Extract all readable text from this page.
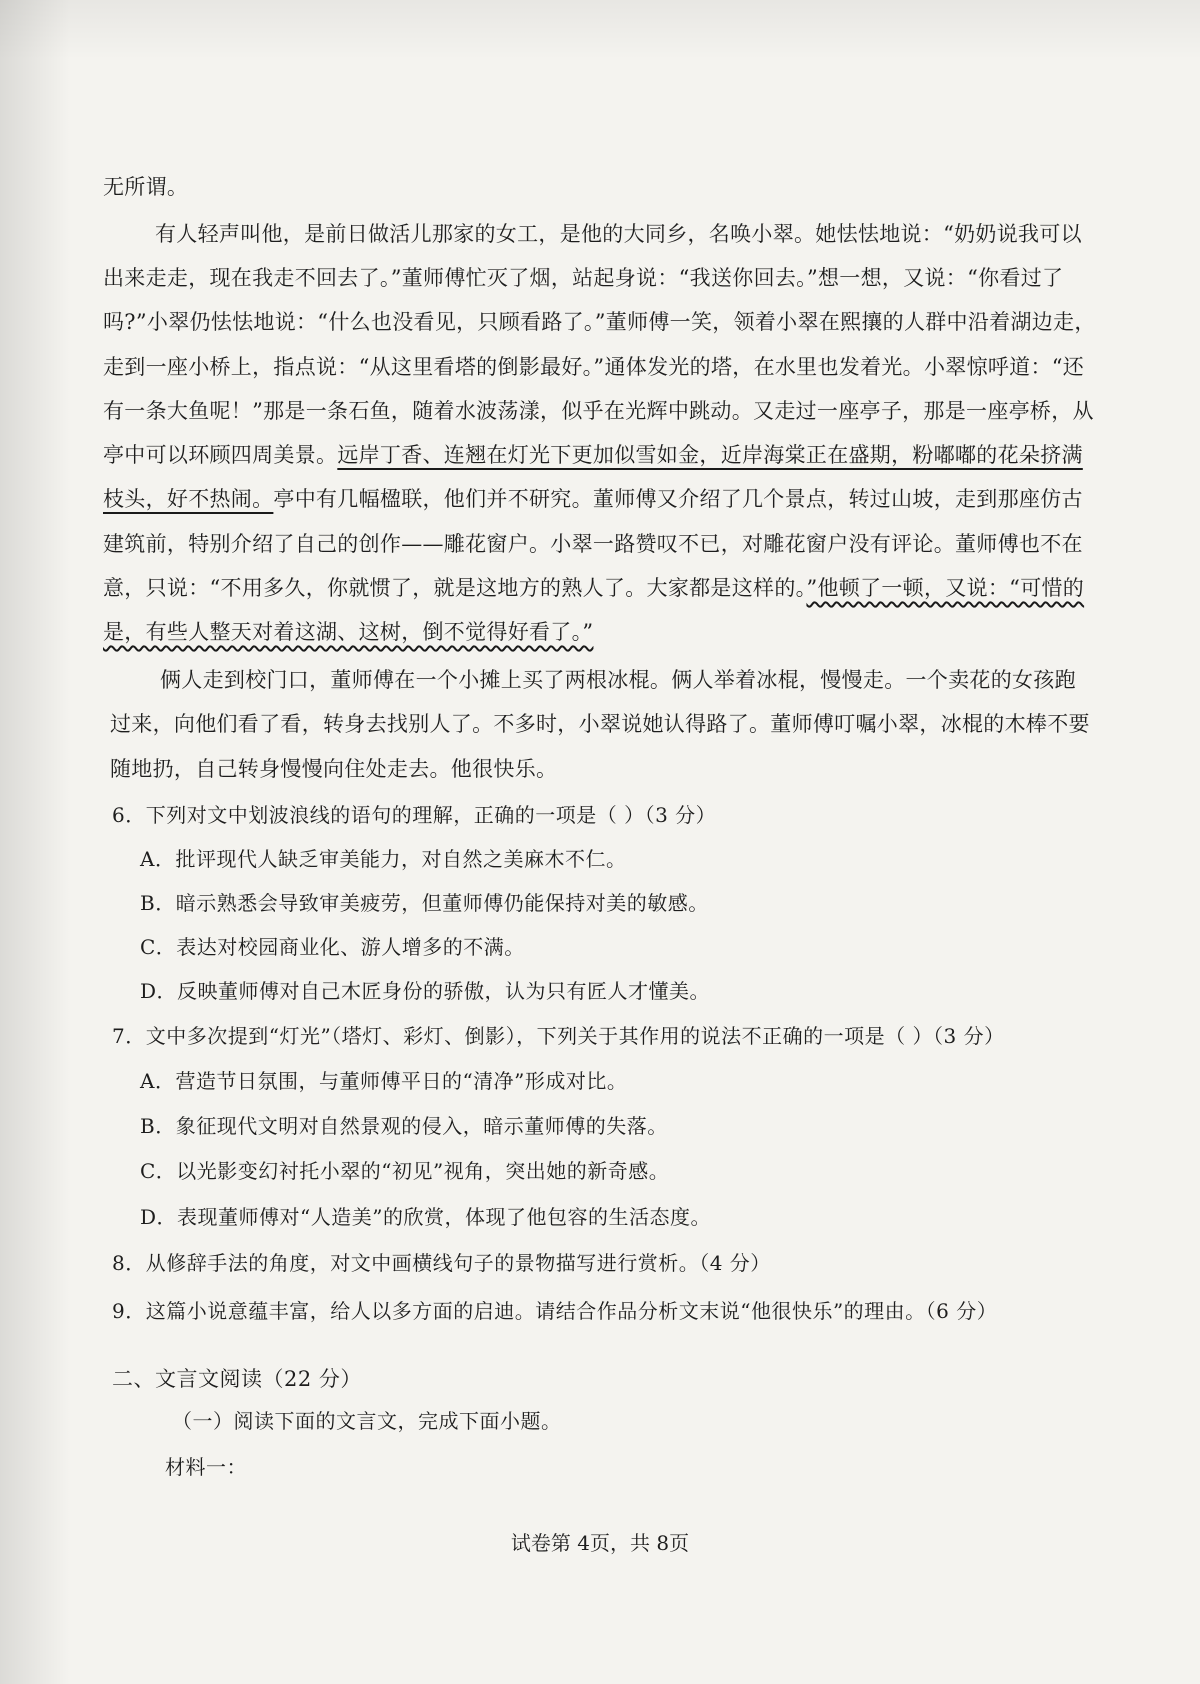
无所谓。
有人轻声叫他，是前日做活儿那家的女工，是他的大同乡，名唤小翠。她怯怯地说：“奶奶说我可以
出来走走，现在我走不回去了。”董师傅忙灭了烟，站起身说：“我送你回去。”想一想，又说：“你看过了
吗?”小翠仍怯怯地说：“什么也没看见，只顾看路了。”董师傅一笑，领着小翠在熙攘的人群中沿着湖边走，
走到一座小桥上，指点说：“从这里看塔的倒影最好。”通体发光的塔，在水里也发着光。小翠惊呼道：“还
有一条大鱼呢！”那是一条石鱼，随着水波荡漾，似乎在光辉中跳动。又走过一座亭子，那是一座亭桥，从
亭中可以环顾四周美景。远岸丁香、连翘在灯光下更加似雪如金，近岸海棠正在盛期，粉嘟嘟的花朵挤满
枝头，好不热闹。亭中有几幅楹联，他们并不研究。董师傅又介绍了几个景点，转过山坡，走到那座仿古
建筑前，特别介绍了自己的创作——雕花窗户。小翠一路赞叹不已，对雕花窗户没有评论。董师傅也不在
意，只说：“不用多久，你就惯了，就是这地方的熟人了。大家都是这样的。”他顿了一顿，又说：“可惜的
是，有些人整天对着这湖、这树，倒不觉得好看了。”
俩人走到校门口，董师傅在一个小摊上买了两根冰棍。俩人举着冰棍，慢慢走。一个卖花的女孩跑
过来，向他们看了看，转身去找别人了。不多时，小翠说她认得路了。董师傅叮嘱小翠，冰棍的木棒不要
随地扔，自己转身慢慢向住处走去。他很快乐。
6．下列对文中划波浪线的语句的理解，正确的一项是（ ）（3 分）
A．批评现代人缺乏审美能力，对自然之美麻木不仁。
B．暗示熟悉会导致审美疲劳，但董师傅仍能保持对美的敏感。
C．表达对校园商业化、游人增多的不满。
D．反映董师傅对自己木匠身份的骄傲，认为只有匠人才懂美。
7．文中多次提到“灯光”（塔灯、彩灯、倒影），下列关于其作用的说法不正确的一项是（ ）（3 分）
A．营造节日氛围，与董师傅平日的“清净”形成对比。
B．象征现代文明对自然景观的侵入，暗示董师傅的失落。
C．以光影变幻衬托小翠的“初见”视角，突出她的新奇感。
D．表现董师傅对“人造美”的欣赏，体现了他包容的生活态度。
8．从修辞手法的角度，对文中画横线句子的景物描写进行赏析。（4 分）
9．这篇小说意蕴丰富，给人以多方面的启迪。请结合作品分析文末说“他很快乐”的理由。（6 分）
二、文言文阅读（22 分）
（一）阅读下面的文言文，完成下面小题。
材料一：
试卷第 4页，共 8页
